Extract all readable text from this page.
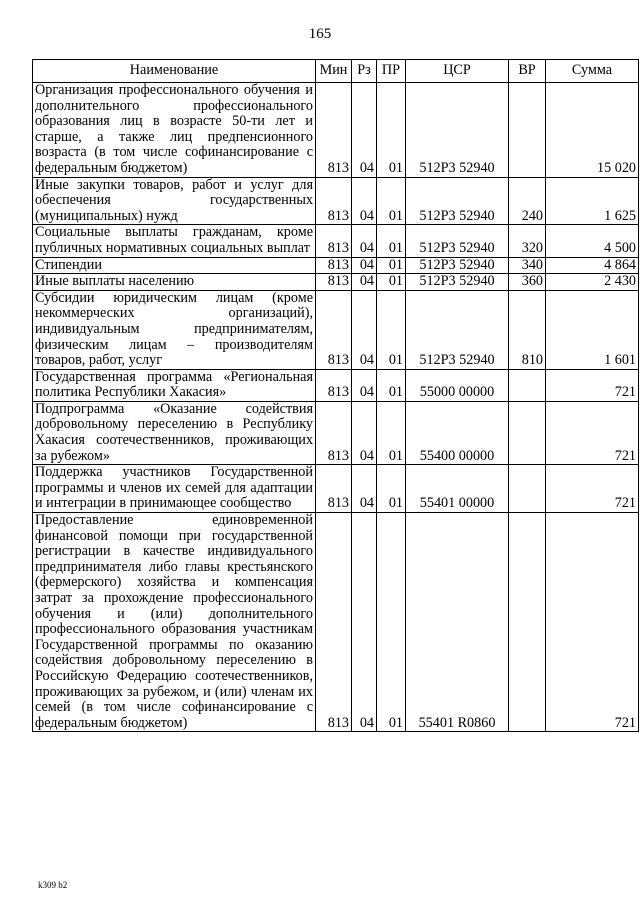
165
Наименование	Мин	Рз	ПР	ЦСР	ВР	Сумма
Организация профессионального обучения и дополнительного профессионального образования лиц в возрасте 50-ти лет и старше, а также лиц предпенсионного возраста (в том числе софинансирование с федеральным бюджетом)	813	04	01	512P3 52940		15 020
Иные закупки товаров, работ и услуг для обеспечения государственных (муниципальных) нужд	813	04	01	512P3 52940	240	1 625
Социальные выплаты гражданам, кроме публичных нормативных социальных выплат	813	04	01	512P3 52940	320	4 500
Стипендии	813	04	01	512P3 52940	340	4 864
Иные выплаты населению	813	04	01	512P3 52940	360	2 430
Субсидии юридическим лицам (кроме некоммерческих организаций), индивидуальным предпринимателям, физическим лицам – производителям товаров, работ, услуг	813	04	01	512P3 52940	810	1 601
Государственная программа «Региональная политика Республики Хакасия»	813	04	01	55000 00000		721
Подпрограмма «Оказание содействия добровольному переселению в Республику Хакасия соотечественников, проживающих за рубежом»	813	04	01	55400 00000		721
Поддержка участников Государственной программы и членов их семей для адаптации и интеграции в принимающее сообщество	813	04	01	55401 00000		721
Предоставление единовременной финансовой помощи при государственной регистрации в качестве индивидуального предпринимателя либо главы крестьянского (фермерского) хозяйства и компенсация затрат за прохождение профессионального обучения и (или) дополнительного профессионального образования участникам Государственной программы по оказанию содействия добровольному переселению в Российскую Федерацию соотечественников, проживающих за рубежом, и (или) членам их семей (в том числе софинансирование с федеральным бюджетом)	813	04	01	55401 R0860		721
k309 b2
